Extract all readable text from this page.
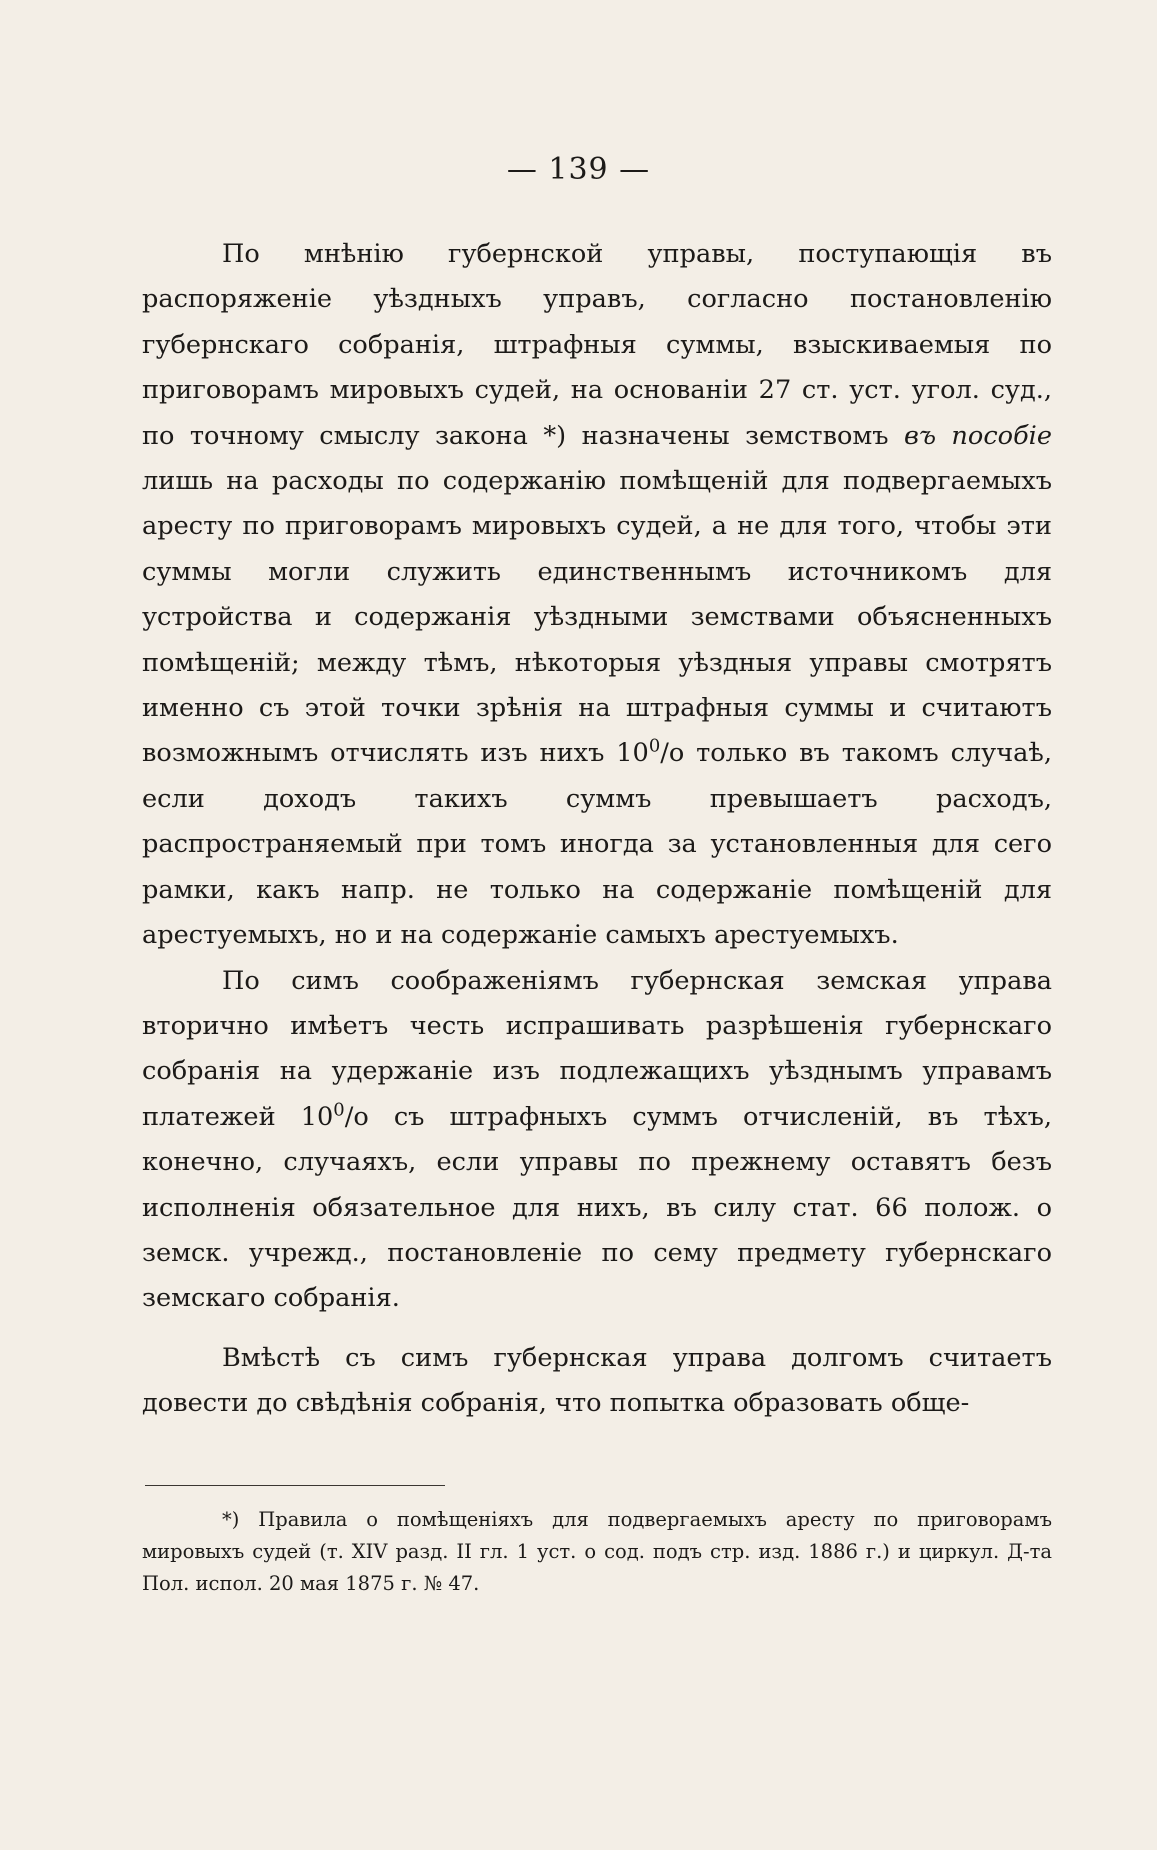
— 139 —

По мнѣнію губернской управы, поступающія въ распоряженіе уѣздныхъ управъ, согласно постановленію губернскаго собранія, штрафныя суммы, взыскиваемыя по приговорамъ мировыхъ судей, на основаніи 27 ст. уст. угол. суд., по точному смыслу закона *) назначены земствомъ въ пособіе лишь на расходы по содержанію помѣщеній для подвергаемыхъ аресту по приговорамъ мировыхъ судей, а не для того, чтобы эти суммы могли служить единственнымъ источникомъ для устройства и содержанія уѣздными земствами объясненныхъ помѣщеній; между тѣмъ, нѣкоторыя уѣздныя управы смотрятъ именно съ этой точки зрѣнія на штрафныя суммы и считаютъ возможнымъ отчислять изъ нихъ $10^0/o$ только въ такомъ случаѣ, если доходъ такихъ суммъ превышаетъ расходъ, распространяемый при томъ иногда за установленныя для сего рамки, какъ напр. не только на содержаніе помѣщеній для арестуемыхъ, но и на содержаніе самыхъ арестуемыхъ.

По симъ соображеніямъ губернская земская управа вторично имѣетъ честь испрашивать разрѣшенія губернскаго собранія на удержаніе изъ подлежащихъ уѣзднымъ управамъ платежей $10^0/o$ съ штрафныхъ суммъ отчисленій, въ тѣхъ, конечно, случаяхъ, если управы по прежнему оставятъ безъ исполненія обязательное для нихъ, въ силу стат. 66 полож. о земск. учрежд., постановленіе по сему предмету губернскаго земскаго собранія.

Вмѣстѣ съ симъ губернская управа долгомъ считаетъ довести до свѣдѣнія собранія, что попытка образовать обще-

*) Правила о помѣщеніяхъ для подвергаемыхъ аресту по приговорамъ мировыхъ судей (т. XIV разд. II гл. 1 уст. о сод. подъ стр. изд. 1886 г.) и циркул. Д-та Пол. испол. 20 мая 1875 г. № 47.
